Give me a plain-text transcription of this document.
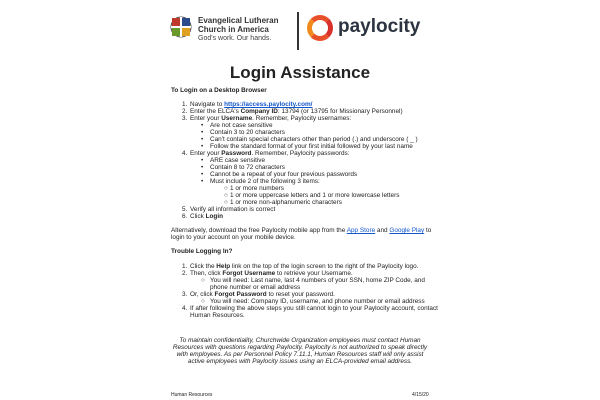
Evangelical Lutheran
Church in America
God's work. Our hands.
paylocity
Login Assistance
To Login on a Desktop Browser
1. Navigate to https://access.paylocity.com/
2. Enter the ELCA's Company ID: 13794 (or 13795 for Missionary Personnel)
3. Enter your Username. Remember, Paylocity usernames:
• Are not case sensitive
• Contain 3 to 20 characters
• Can't contain special characters other than period (.) and underscore ( _ )
• Follow the standard format of your first initial followed by your last name
4. Enter your Password. Remember, Paylocity passwords:
• ARE case sensitive
• Contain 8 to 72 characters
• Cannot be a repeat of your four previous passwords
• Must include 2 of the following 3 items:
○ 1 or more numbers
○ 1 or more uppercase letters and 1 or more lowercase letters
○ 1 or more non-alphanumeric characters
5. Verify all information is correct
6. Click Login
Alternatively, download the free Paylocity mobile app from the App Store and Google Play to
login to your account on your mobile device.
Trouble Logging In?
1. Click the Help link on the top of the login screen to the right of the Paylocity logo.
2. Then, click Forgot Username to retrieve your Username.
○ You will need: Last name, last 4 numbers of your SSN, home ZIP Code, and
phone number or email address
3. Or, click Forgot Password to reset your password.
○ You will need: Company ID, username, and phone number or email address
4. If after following the above steps you still cannot login to your Paylocity account, contact
Human Resources.
To maintain confidentiality, Churchwide Organization employees must contact Human
Resources with questions regarding Paylocity. Paylocity is not authorized to speak directly
with employees. As per Personnel Policy 7.11.1, Human Resources staff will only assist
active employees with Paylocity issues using an ELCA-provided email address.
Human Resources	4/15/20
